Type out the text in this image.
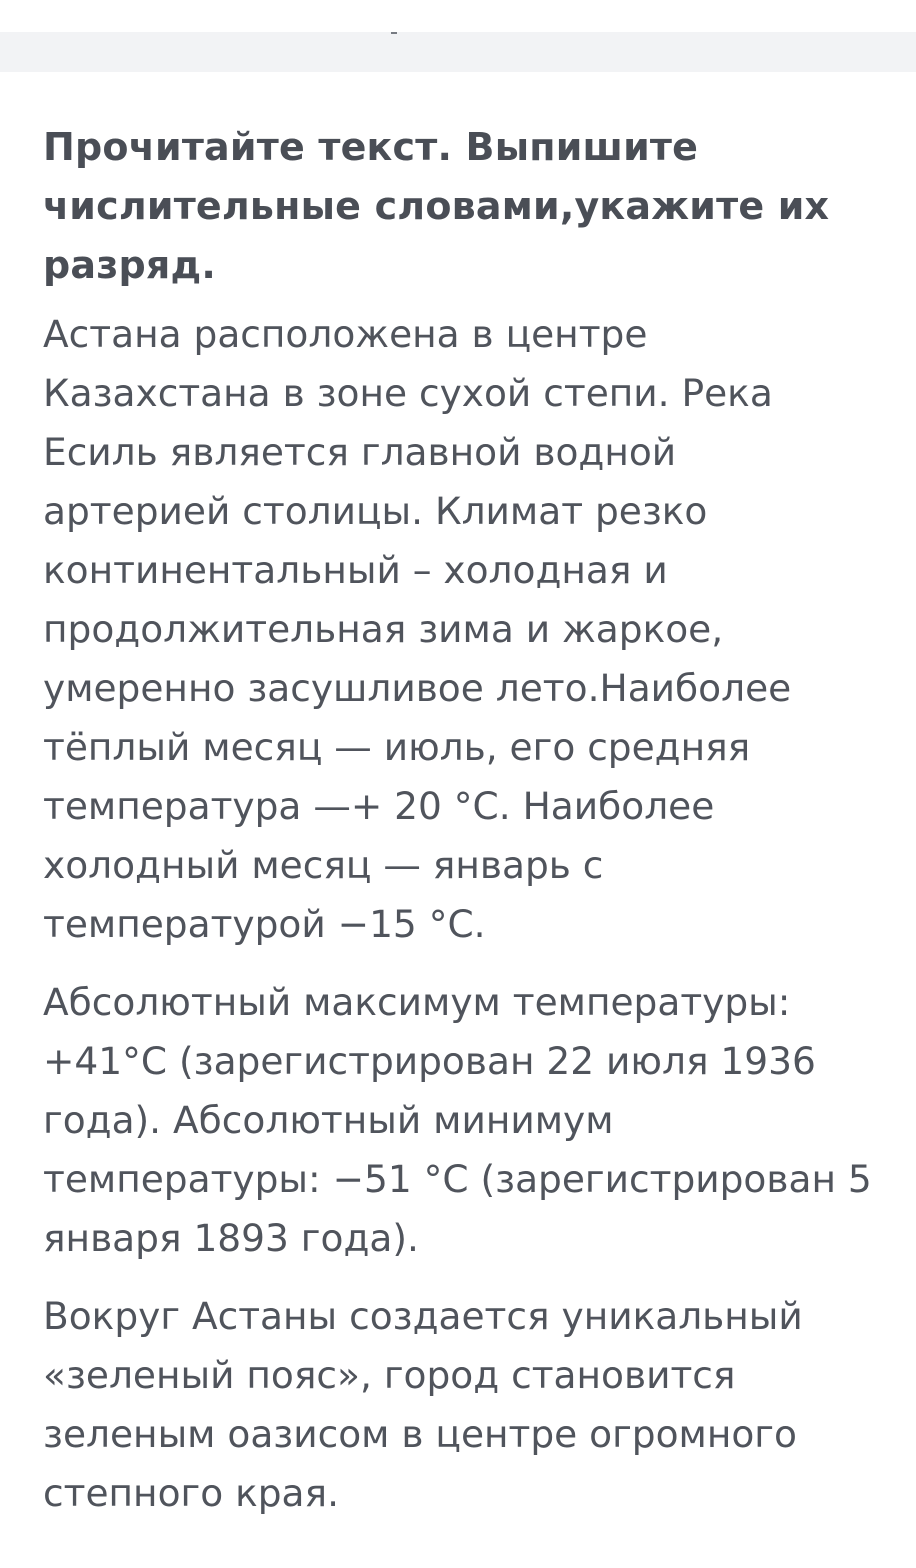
Прочитайте текст. Выпишите
числительные словами,укажите их
разряд.

Астана расположена в центре
Казахстана в зоне сухой степи. Река
Есиль является главной водной
артерией столицы. Климат резко
континентальный – холодная и
продолжительная зима и жаркое,
умеренно засушливое лето.Наиболее
тёплый месяц — июль, его средняя
температура —+ 20 °С. Наиболее
холодный месяц — январь с
температурой −15 °С.

Абсолютный максимум температуры:
+41°С (зарегистрирован 22 июля 1936
года). Абсолютный минимум
температуры: −51 °С (зарегистрирован 5
января 1893 года).

Вокруг Астаны создается уникальный
«зеленый пояс», город становится
зеленым оазисом в центре огромного
степного края.
